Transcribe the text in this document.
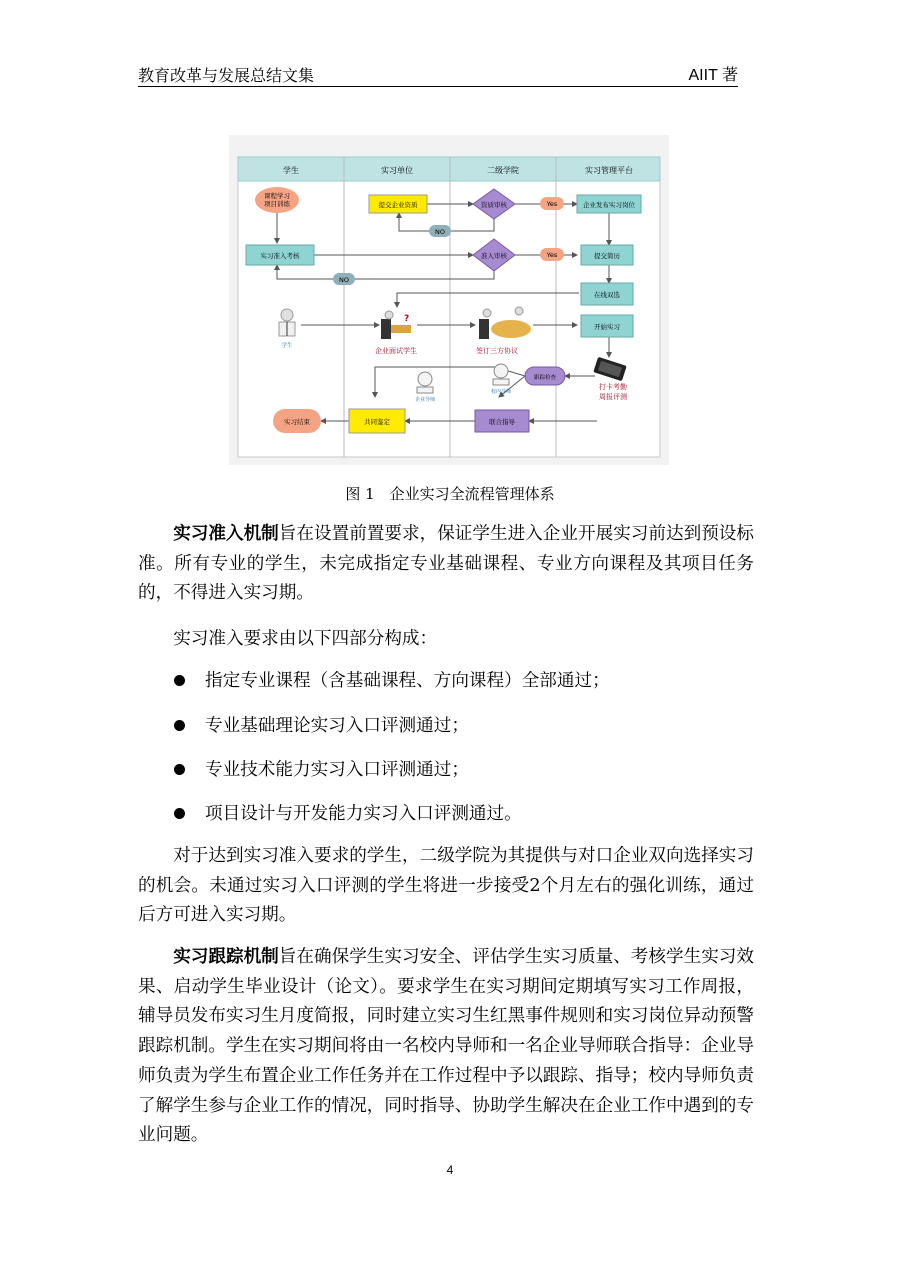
教育改革与发展总结文集	AIIT 著
学生	实习单位	二级学院	实习管理平台
课程学习
项目训练	提交企业资质	资质审核	Yes
NO
企业发布实习岗位
实习准入考核	准入审核	Yes
NO
提交简历
在线双选
学生
?
企业面试学生	签订三方协议
开始实习
跟踪检查
校内导师
企业导师
打卡考勤
周报评测
联合指导
共同鉴定
实习结束
图 1　企业实习全流程管理体系

实习准入机制旨在设置前置要求，保证学生进入企业开展实习前达到预设标准。所有专业的学生，未完成指定专业基础课程、专业方向课程及其项目任务的，不得进入实习期。

实习准入要求由以下四部分构成：

指定专业课程（含基础课程、方向课程）全部通过；
专业基础理论实习入口评测通过；
专业技术能力实习入口评测通过；
项目设计与开发能力实习入口评测通过。

对于达到实习准入要求的学生，二级学院为其提供与对口企业双向选择实习的机会。未通过实习入口评测的学生将进一步接受2个月左右的强化训练，通过后方可进入实习期。

实习跟踪机制旨在确保学生实习安全、评估学生实习质量、考核学生实习效果、启动学生毕业设计（论文）。要求学生在实习期间定期填写实习工作周报，辅导员发布实习生月度简报，同时建立实习生红黑事件规则和实习岗位异动预警跟踪机制。学生在实习期间将由一名校内导师和一名企业导师联合指导：企业导师负责为学生布置企业工作任务并在工作过程中予以跟踪、指导；校内导师负责了解学生参与企业工作的情况，同时指导、协助学生解决在企业工作中遇到的专业问题。

4
